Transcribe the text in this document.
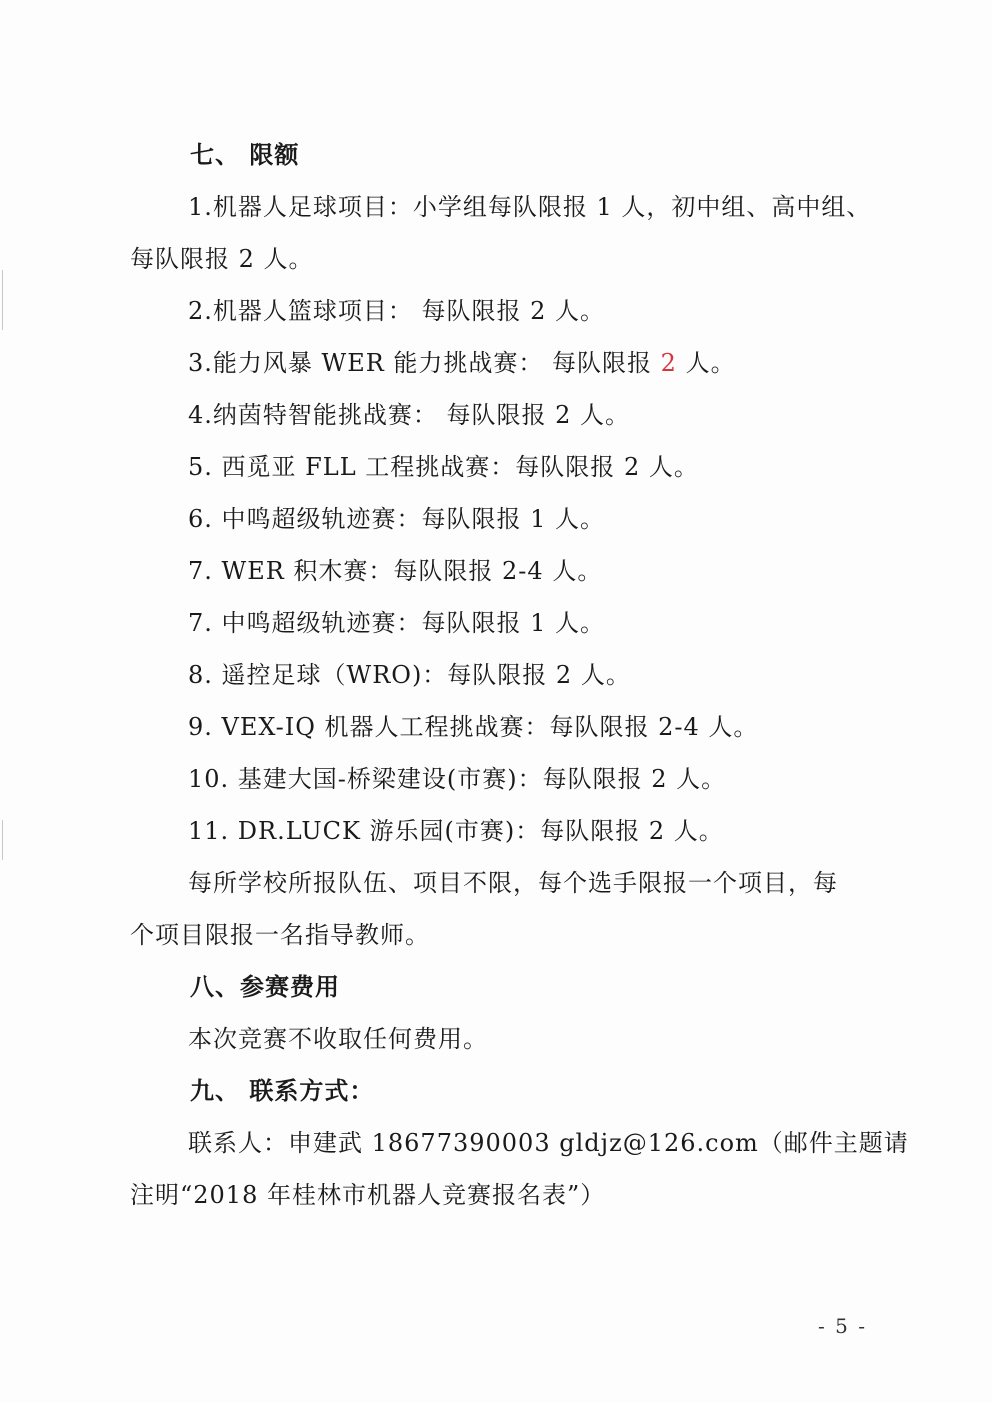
七、 限额
1.机器人足球项目：小学组每队限报 1 人，初中组、高中组、
每队限报 2 人。
2.机器人篮球项目： 每队限报 2 人。
3.能力风暴 WER 能力挑战赛： 每队限报 2 人。
4.纳茵特智能挑战赛： 每队限报 2 人。
5. 西觅亚 FLL 工程挑战赛：每队限报 2 人。
6. 中鸣超级轨迹赛：每队限报 1 人。
7. WER 积木赛：每队限报 2-4 人。
7. 中鸣超级轨迹赛：每队限报 1 人。
8. 遥控足球（WRO)：每队限报 2 人。
9. VEX-IQ 机器人工程挑战赛：每队限报 2-4 人。
10. 基建大国-桥梁建设(市赛)：每队限报 2 人。
11. DR.LUCK 游乐园(市赛)：每队限报 2 人。
每所学校所报队伍、项目不限，每个选手限报一个项目，每
个项目限报一名指导教师。
八、参赛费用
本次竞赛不收取任何费用。
九、 联系方式：
联系人：申建武 18677390003 gldjz@126.com（邮件主题请
注明“2018 年桂林市机器人竞赛报名表”）
- 5 -
